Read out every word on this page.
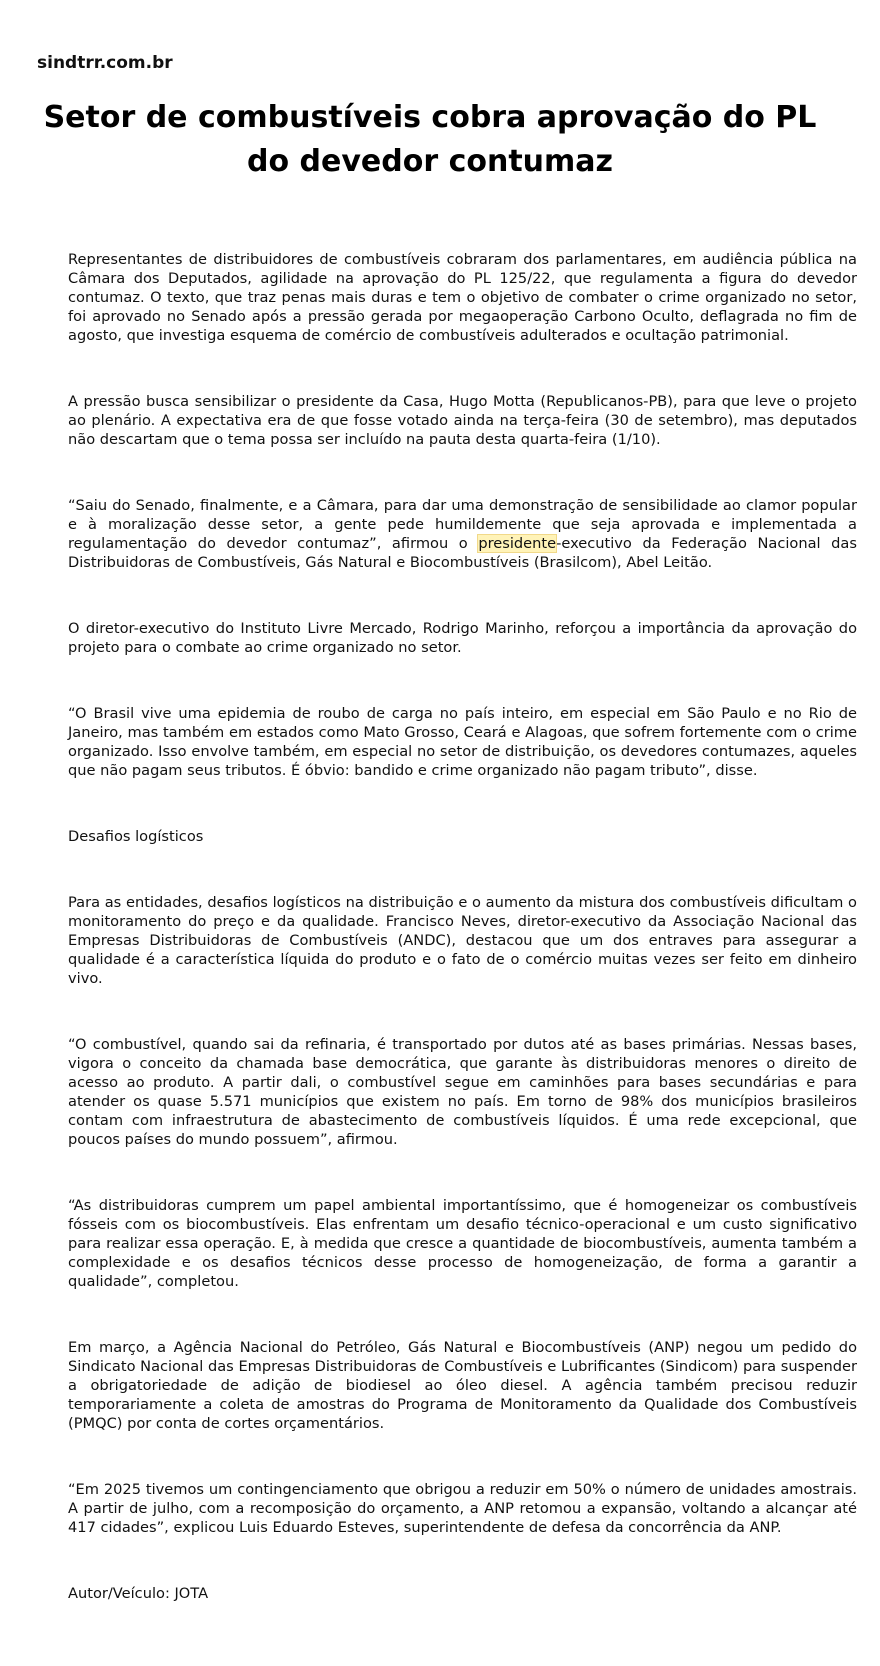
sindtrr.com.br
Setor de combustíveis cobra aprovação do PL do devedor contumaz

Representantes de distribuidores de combustíveis cobraram dos parlamentares, em audiência pública na Câmara dos Deputados, agilidade na aprovação do PL 125/22, que regulamenta a figura do devedor contumaz. O texto, que traz penas mais duras e tem o objetivo de combater o crime organizado no setor, foi aprovado no Senado após a pressão gerada por megaoperação Carbono Oculto, deflagrada no fim de agosto, que investiga esquema de comércio de combustíveis adulterados e ocultação patrimonial.

A pressão busca sensibilizar o presidente da Casa, Hugo Motta (Republicanos-PB), para que leve o projeto ao plenário. A expectativa era de que fosse votado ainda na terça-feira (30 de setembro), mas deputados não descartam que o tema possa ser incluído na pauta desta quarta-feira (1/10).

“Saiu do Senado, finalmente, e a Câmara, para dar uma demonstração de sensibilidade ao clamor popular e à moralização desse setor, a gente pede humildemente que seja aprovada e implementada a regulamentação do devedor contumaz”, afirmou o presidente-executivo da Federação Nacional das Distribuidoras de Combustíveis, Gás Natural e Biocombustíveis (Brasilcom), Abel Leitão.

O diretor-executivo do Instituto Livre Mercado, Rodrigo Marinho, reforçou a importância da aprovação do projeto para o combate ao crime organizado no setor.

“O Brasil vive uma epidemia de roubo de carga no país inteiro, em especial em São Paulo e no Rio de Janeiro, mas também em estados como Mato Grosso, Ceará e Alagoas, que sofrem fortemente com o crime organizado. Isso envolve também, em especial no setor de distribuição, os devedores contumazes, aqueles que não pagam seus tributos. É óbvio: bandido e crime organizado não pagam tributo”, disse.

Desafios logísticos

Para as entidades, desafios logísticos na distribuição e o aumento da mistura dos combustíveis dificultam o monitoramento do preço e da qualidade. Francisco Neves, diretor-executivo da Associação Nacional das Empresas Distribuidoras de Combustíveis (ANDC), destacou que um dos entraves para assegurar a qualidade é a característica líquida do produto e o fato de o comércio muitas vezes ser feito em dinheiro vivo.

“O combustível, quando sai da refinaria, é transportado por dutos até as bases primárias. Nessas bases, vigora o conceito da chamada base democrática, que garante às distribuidoras menores o direito de acesso ao produto. A partir dali, o combustível segue em caminhões para bases secundárias e para atender os quase 5.571 municípios que existem no país. Em torno de 98% dos municípios brasileiros contam com infraestrutura de abastecimento de combustíveis líquidos. É uma rede excepcional, que poucos países do mundo possuem”, afirmou.

“As distribuidoras cumprem um papel ambiental importantíssimo, que é homogeneizar os combustíveis fósseis com os biocombustíveis. Elas enfrentam um desafio técnico-operacional e um custo significativo para realizar essa operação. E, à medida que cresce a quantidade de biocombustíveis, aumenta também a complexidade e os desafios técnicos desse processo de homogeneização, de forma a garantir a qualidade”, completou.

Em março, a Agência Nacional do Petróleo, Gás Natural e Biocombustíveis (ANP) negou um pedido do Sindicato Nacional das Empresas Distribuidoras de Combustíveis e Lubrificantes (Sindicom) para suspender a obrigatoriedade de adição de biodiesel ao óleo diesel. A agência também precisou reduzir temporariamente a coleta de amostras do Programa de Monitoramento da Qualidade dos Combustíveis (PMQC) por conta de cortes orçamentários.

“Em 2025 tivemos um contingenciamento que obrigou a reduzir em 50% o número de unidades amostrais. A partir de julho, com a recomposição do orçamento, a ANP retomou a expansão, voltando a alcançar até 417 cidades”, explicou Luis Eduardo Esteves, superintendente de defesa da concorrência da ANP.

Autor/Veículo: JOTA
